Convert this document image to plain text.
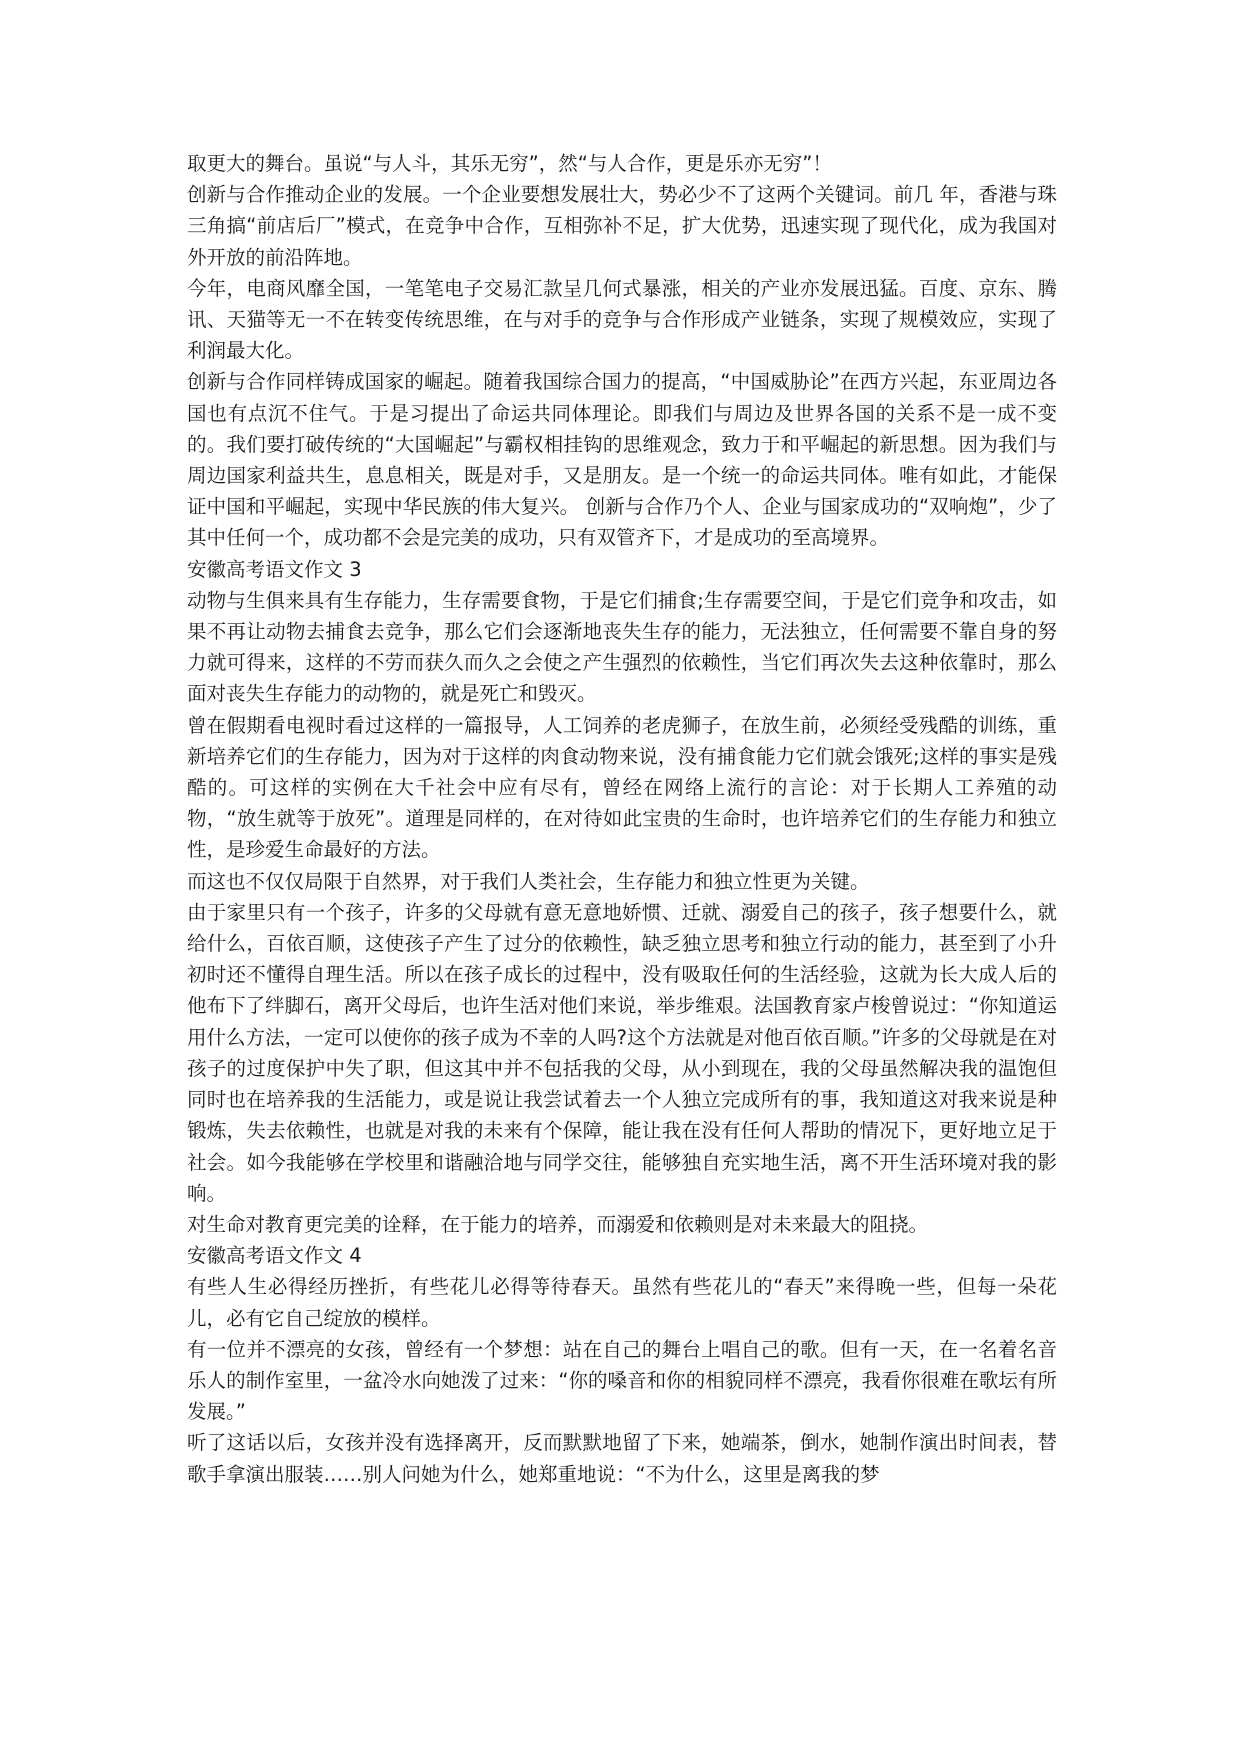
取更大的舞台。虽说“与人斗，其乐无穷”，然“与人合作，更是乐亦无穷”！

创新与合作推动企业的发展。一个企业要想发展壮大，势必少不了这两个关键词。前几 年，香港与珠三角搞“前店后厂”模式，在竞争中合作，互相弥补不足，扩大优势，迅速实现了现代化，成为我国对外开放的前沿阵地。

今年，电商风靡全国，一笔笔电子交易汇款呈几何式暴涨，相关的产业亦发展迅猛。百度、京东、腾讯、天猫等无一不在转变传统思维，在与对手的竞争与合作形成产业链条，实现了规模效应，实现了利润最大化。

创新与合作同样铸成国家的崛起。随着我国综合国力的提高，“中国威胁论”在西方兴起，东亚周边各国也有点沉不住气。于是习提出了命运共同体理论。即我们与周边及世界各国的关系不是一成不变的。我们要打破传统的“大国崛起”与霸权相挂钩的思维观念，致力于和平崛起的新思想。因为我们与周边国家利益共生，息息相关，既是对手，又是朋友。是一个统一的命运共同体。唯有如此，才能保证中国和平崛起，实现中华民族的伟大复兴。 创新与合作乃个人、企业与国家成功的“双响炮”，少了其中任何一个，成功都不会是完美的成功，只有双管齐下，才是成功的至高境界。

安徽高考语文作文 3

动物与生俱来具有生存能力，生存需要食物，于是它们捕食;生存需要空间，于是它们竞争和攻击，如果不再让动物去捕食去竞争，那么它们会逐渐地丧失生存的能力，无法独立，任何需要不靠自身的努力就可得来，这样的不劳而获久而久之会使之产生强烈的依赖性，当它们再次失去这种依靠时，那么面对丧失生存能力的动物的，就是死亡和毁灭。

曾在假期看电视时看过这样的一篇报导，人工饲养的老虎狮子，在放生前，必须经受残酷的训练，重新培养它们的生存能力，因为对于这样的肉食动物来说，没有捕食能力它们就会饿死;这样的事实是残酷的。可这样的实例在大千社会中应有尽有，曾经在网络上流行的言论：对于长期人工养殖的动物，“放生就等于放死”。道理是同样的，在对待如此宝贵的生命时，也许培养它们的生存能力和独立性，是珍爱生命最好的方法。

而这也不仅仅局限于自然界，对于我们人类社会，生存能力和独立性更为关键。

由于家里只有一个孩子，许多的父母就有意无意地娇惯、迁就、溺爱自己的孩子，孩子想要什么，就给什么，百依百顺，这使孩子产生了过分的依赖性，缺乏独立思考和独立行动的能力，甚至到了小升初时还不懂得自理生活。所以在孩子成长的过程中，没有吸取任何的生活经验，这就为长大成人后的他布下了绊脚石，离开父母后，也许生活对他们来说，举步维艰。法国教育家卢梭曾说过：“你知道运用什么方法，一定可以使你的孩子成为不幸的人吗?这个方法就是对他百依百顺。”许多的父母就是在对孩子的过度保护中失了职，但这其中并不包括我的父母，从小到现在，我的父母虽然解决我的温饱但同时也在培养我的生活能力，或是说让我尝试着去一个人独立完成所有的事，我知道这对我来说是种锻炼，失去依赖性，也就是对我的未来有个保障，能让我在没有任何人帮助的情况下，更好地立足于社会。如今我能够在学校里和谐融洽地与同学交往，能够独自充实地生活，离不开生活环境对我的影响。

对生命对教育更完美的诠释，在于能力的培养，而溺爱和依赖则是对未来最大的阻挠。

安徽高考语文作文 4

有些人生必得经历挫折，有些花儿必得等待春天。虽然有些花儿的“春天”来得晚一些，但每一朵花儿，必有它自己绽放的模样。

有一位并不漂亮的女孩，曾经有一个梦想：站在自己的舞台上唱自己的歌。但有一天，在一名着名音乐人的制作室里，一盆冷水向她泼了过来：“你的嗓音和你的相貌同样不漂亮，我看你很难在歌坛有所发展。”

听了这话以后，女孩并没有选择离开，反而默默地留了下来，她端茶，倒水，她制作演出时间表，替歌手拿演出服装……别人问她为什么，她郑重地说：“不为什么，这里是离我的梦
